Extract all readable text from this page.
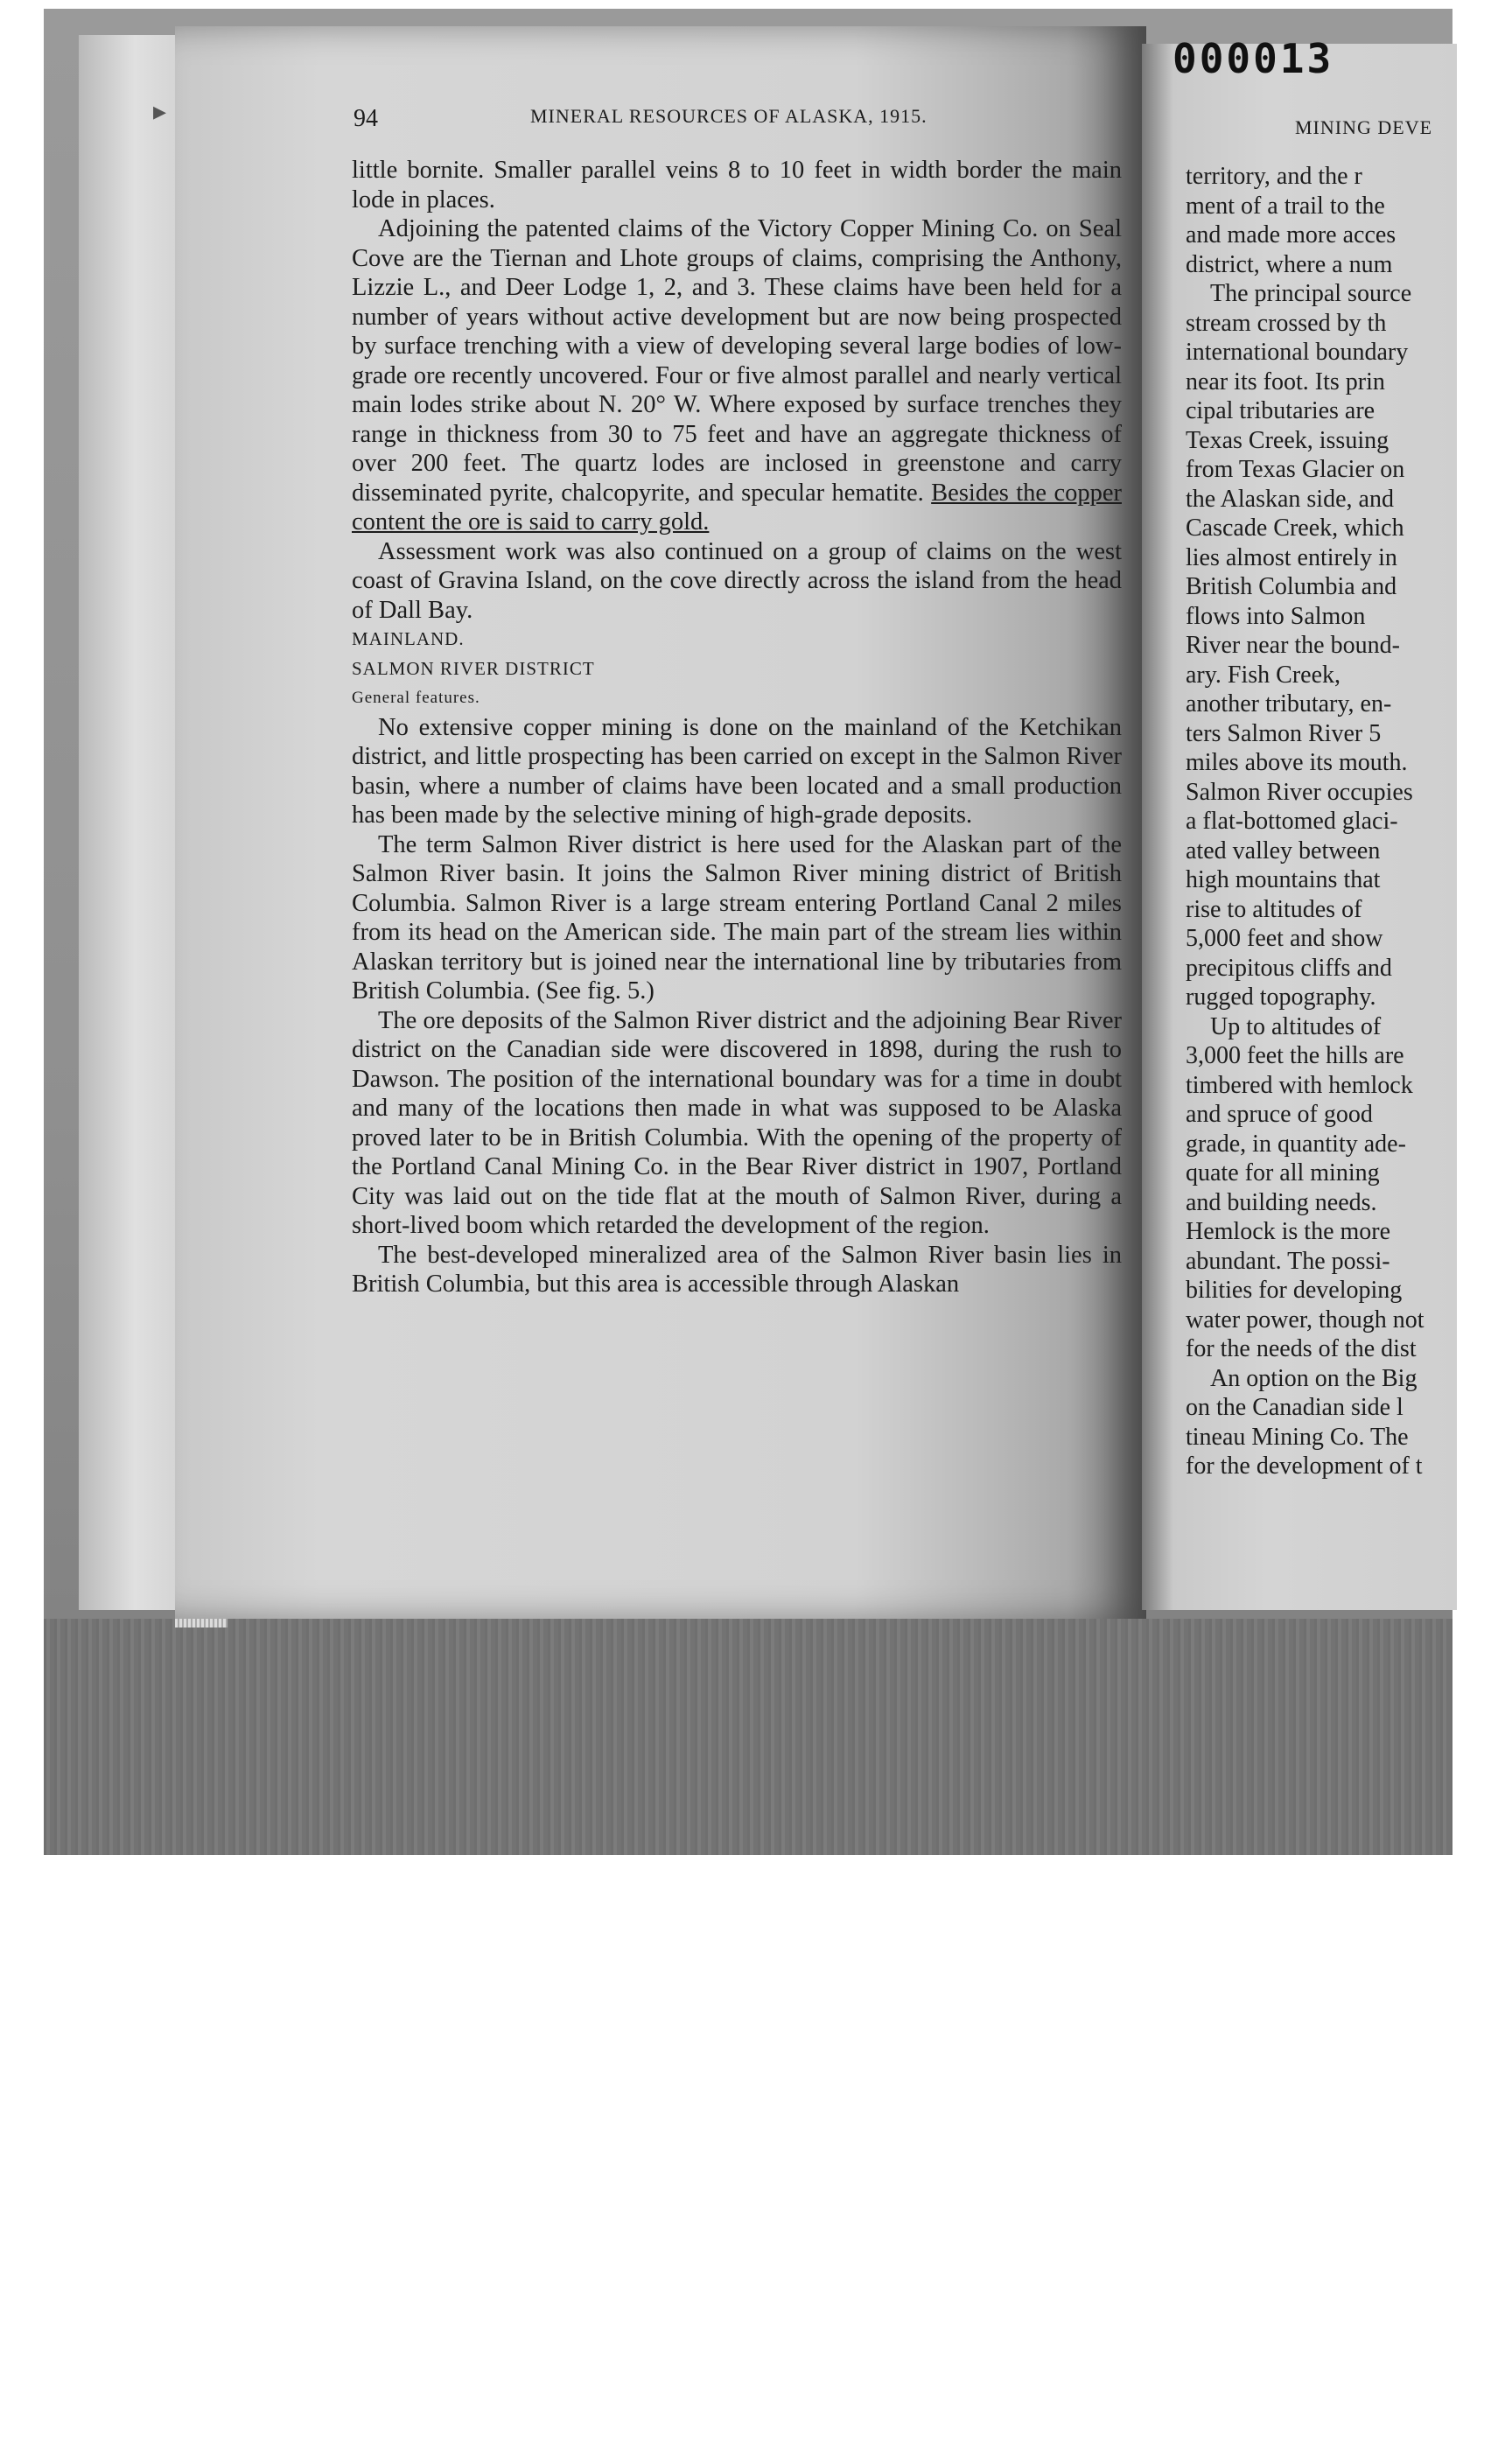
▸
000013
94	MINERAL RESOURCES OF ALASKA, 1915.

little bornite. Smaller parallel veins 8 to 10 feet in width border the main lode in places.

Adjoining the patented claims of the Victory Copper Mining Co. on Seal Cove are the Tiernan and Lhote groups of claims, comprising the Anthony, Lizzie L., and Deer Lodge 1, 2, and 3. These claims have been held for a number of years without active development but are now being prospected by surface trenching with a view of developing several large bodies of low-grade ore recently uncovered. Four or five almost parallel and nearly vertical main lodes strike about N. 20° W. Where exposed by surface trenches they range in thickness from 30 to 75 feet and have an aggregate thickness of over 200 feet. The quartz lodes are inclosed in greenstone and carry disseminated pyrite, chalcopyrite, and specular hematite. Besides the copper content the ore is said to carry gold.

Assessment work was also continued on a group of claims on the west coast of Gravina Island, on the cove directly across the island from the head of Dall Bay.

MAINLAND.

SALMON RIVER DISTRICT

General features.

No extensive copper mining is done on the mainland of the Ketchikan district, and little prospecting has been carried on except in the Salmon River basin, where a number of claims have been located and a small production has been made by the selective mining of high-grade deposits.

The term Salmon River district is here used for the Alaskan part of the Salmon River basin. It joins the Salmon River mining district of British Columbia. Salmon River is a large stream entering Portland Canal 2 miles from its head on the American side. The main part of the stream lies within Alaskan territory but is joined near the international line by tributaries from British Columbia. (See fig. 5.)

The ore deposits of the Salmon River district and the adjoining Bear River district on the Canadian side were discovered in 1898, during the rush to Dawson. The position of the international boundary was for a time in doubt and many of the locations then made in what was supposed to be Alaska proved later to be in British Columbia. With the opening of the property of the Portland Canal Mining Co. in the Bear River district in 1907, Portland City was laid out on the tide flat at the mouth of Salmon River, during a short-lived boom which retarded the development of the region.

The best-developed mineralized area of the Salmon River basin lies in British Columbia, but this area is accessible through Alaskan

MINING DEVE
territory, and the r
ment of a trail to the
and made more acces
district, where a num
The principal source
stream crossed by th
international boundary
near its foot. Its prin
cipal tributaries are
Texas Creek, issuing
from Texas Glacier on
the Alaskan side, and
Cascade Creek, which
lies almost entirely in
British Columbia and
flows into Salmon
River near the bound-
ary. Fish Creek,
another tributary, en-
ters Salmon River 5
miles above its mouth.
Salmon River occupies
a flat-bottomed glaci-
ated valley between
high mountains that
rise to altitudes of
5,000 feet and show
precipitous cliffs and
rugged topography.
Up to altitudes of
3,000 feet the hills are
timbered with hemlock
and spruce of good
grade, in quantity ade-
quate for all mining
and building needs.
Hemlock is the more
abundant. The possi-
bilities for developing
water power, though not
for the needs of the dist
An option on the Big
on the Canadian side l
tineau Mining Co. The
for the development of t
